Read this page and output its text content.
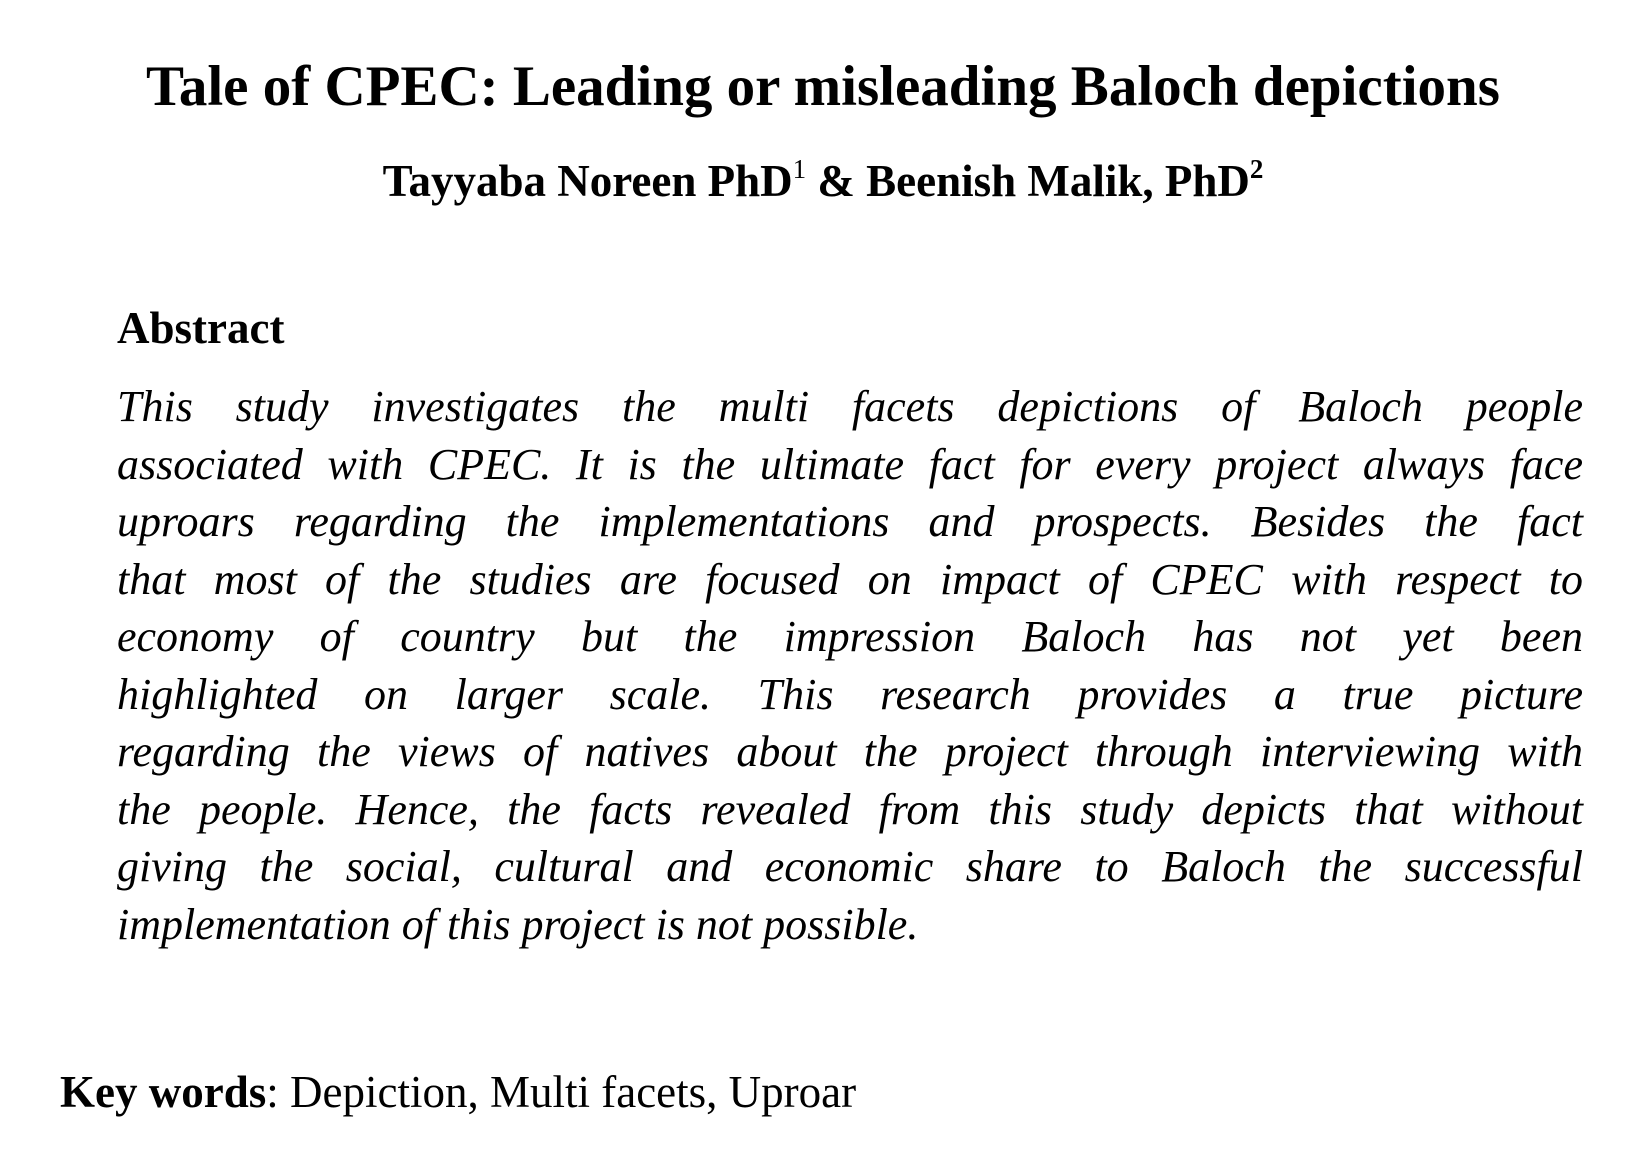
Tale of CPEC: Leading or misleading Baloch depictions

Tayyaba Noreen PhD$^1$ & Beenish Malik, PhD$^2$

Abstract
This study investigates the multi facets depictions of Baloch people
associated with CPEC. It is the ultimate fact for every project always face
uproars regarding the implementations and prospects. Besides the fact
that most of the studies are focused on impact of CPEC with respect to
economy of country but the impression Baloch has not yet been
highlighted on larger scale. This research provides a true picture
regarding the views of natives about the project through interviewing with
the people. Hence, the facts revealed from this study depicts that without
giving the social, cultural and economic share to Baloch the successful
implementation of this project is not possible.

Key words: Depiction, Multi facets, Uproar
